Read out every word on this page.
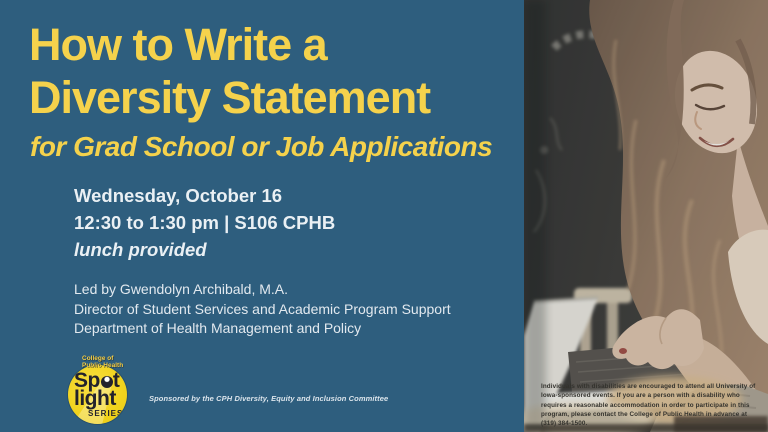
How to Write a
Diversity Statement
for Grad School or Job Applications
Wednesday, October 16
12:30 to 1:30 pm | S106 CPHB
lunch provided
Led by Gwendolyn Archibald, M.A.
Director of Student Services and Academic Program Support
Department of Health Management and Policy
College of
Public Health
Sp t
light
SERIES
Sponsored by the CPH Diversity, Equity and Inclusion Committee
Individuals with disabilities are encouraged to attend all University of Iowa-sponsored events. If you are a person with a disability who requires a reasonable accommodation in order to participate in this program, please contact the College of Public Health in advance at (319) 384-1500.
